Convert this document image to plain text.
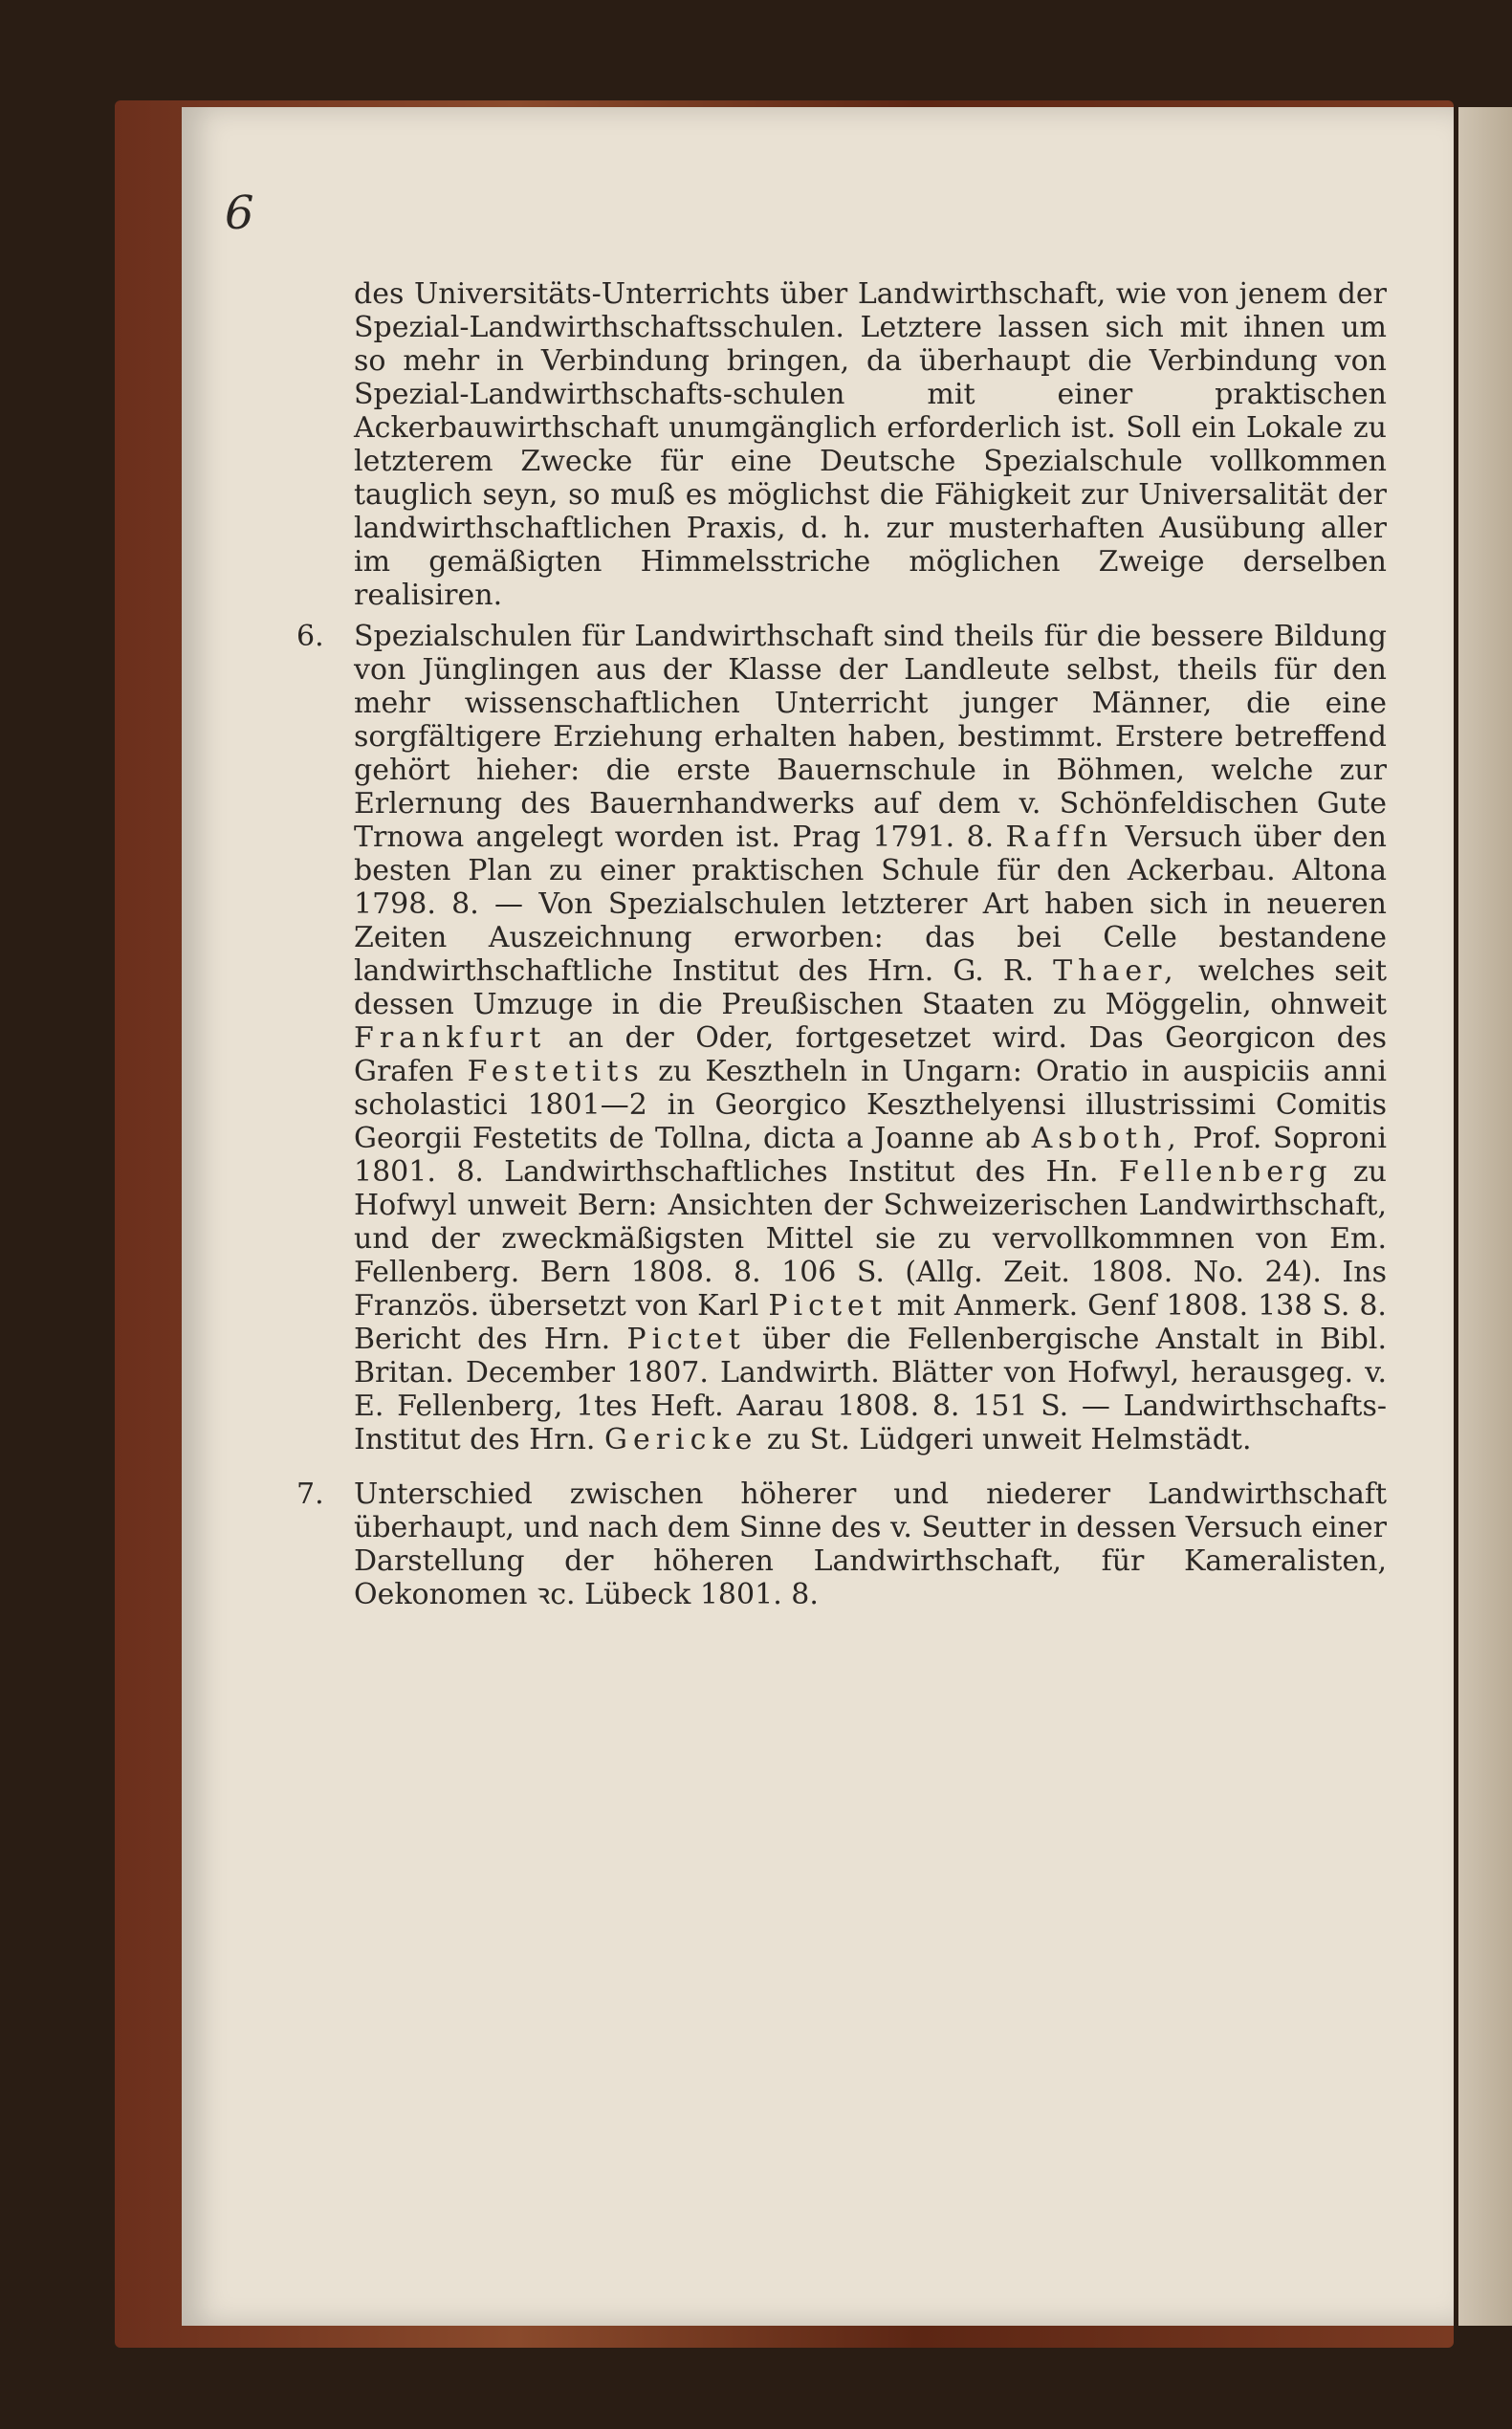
6

des Universitäts-Unterrichts über Landwirthschaft, wie von jenem der Spezial-Landwirthschaftsschulen. Letztere lassen sich mit ihnen um so mehr in Verbindung bringen, da überhaupt die Verbindung von Spezial-Landwirthschafts-schulen mit einer praktischen Ackerbauwirthschaft unumgänglich erforderlich ist. Soll ein Lokale zu letzterem Zwecke für eine Deutsche Spezialschule vollkommen tauglich seyn, so muß es möglichst die Fähigkeit zur Universalität der landwirthschaftlichen Praxis, d. h. zur musterhaften Ausübung aller im gemäßigten Himmelsstriche möglichen Zweige derselben realisiren.

6. Spezialschulen für Landwirthschaft sind theils für die bessere Bildung von Jünglingen aus der Klasse der Landleute selbst, theils für den mehr wissenschaftlichen Unterricht junger Männer, die eine sorgfältigere Erziehung erhalten haben, bestimmt. Erstere betreffend gehört hieher: die erste Bauernschule in Böhmen, welche zur Erlernung des Bauernhandwerks auf dem v. Schönfeldischen Gute Trnowa angelegt worden ist. Prag 1791. 8. Raffn Versuch über den besten Plan zu einer praktischen Schule für den Ackerbau. Altona 1798. 8. — Von Spezialschulen letzterer Art haben sich in neueren Zeiten Auszeichnung erworben: das bei Celle bestandene landwirthschaftliche Institut des Hrn. G. R. Thaer, welches seit dessen Umzuge in die Preußischen Staaten zu Möggelin, ohnweit Frankfurt an der Oder, fortgesetzet wird. Das Georgicon des Grafen Festetits zu Kesztheln in Ungarn: Oratio in auspiciis anni scholastici 1801—2 in Georgico Keszthelyensi illustrissimi Comitis Georgii Festetits de Tollna, dicta a Joanne ab Asboth, Prof. Soproni 1801. 8. Landwirthschaftliches Institut des Hn. Fellenberg zu Hofwyl unweit Bern: Ansichten der Schweizerischen Landwirthschaft, und der zweckmäßigsten Mittel sie zu vervollkommnen von Em. Fellenberg. Bern 1808. 8. 106 S. (Allg. Zeit. 1808. No. 24). Ins Französ. übersetzt von Karl Pictet mit Anmerk. Genf 1808. 138 S. 8. Bericht des Hrn. Pictet über die Fellenbergische Anstalt in Bibl. Britan. December 1807. Landwirth. Blätter von Hofwyl, herausgeg. v. E. Fellenberg, 1tes Heft. Aarau 1808. 8. 151 S. — Landwirthschafts-Institut des Hrn. Gericke zu St. Lüdgeri unweit Helmstädt.
7. Unterschied zwischen höherer und niederer Landwirthschaft überhaupt, und nach dem Sinne des v. Seutter in dessen Versuch einer Darstellung der höheren Landwirthschaft, für Kameralisten, Oekonomen ꝛc. Lübeck 1801. 8.
